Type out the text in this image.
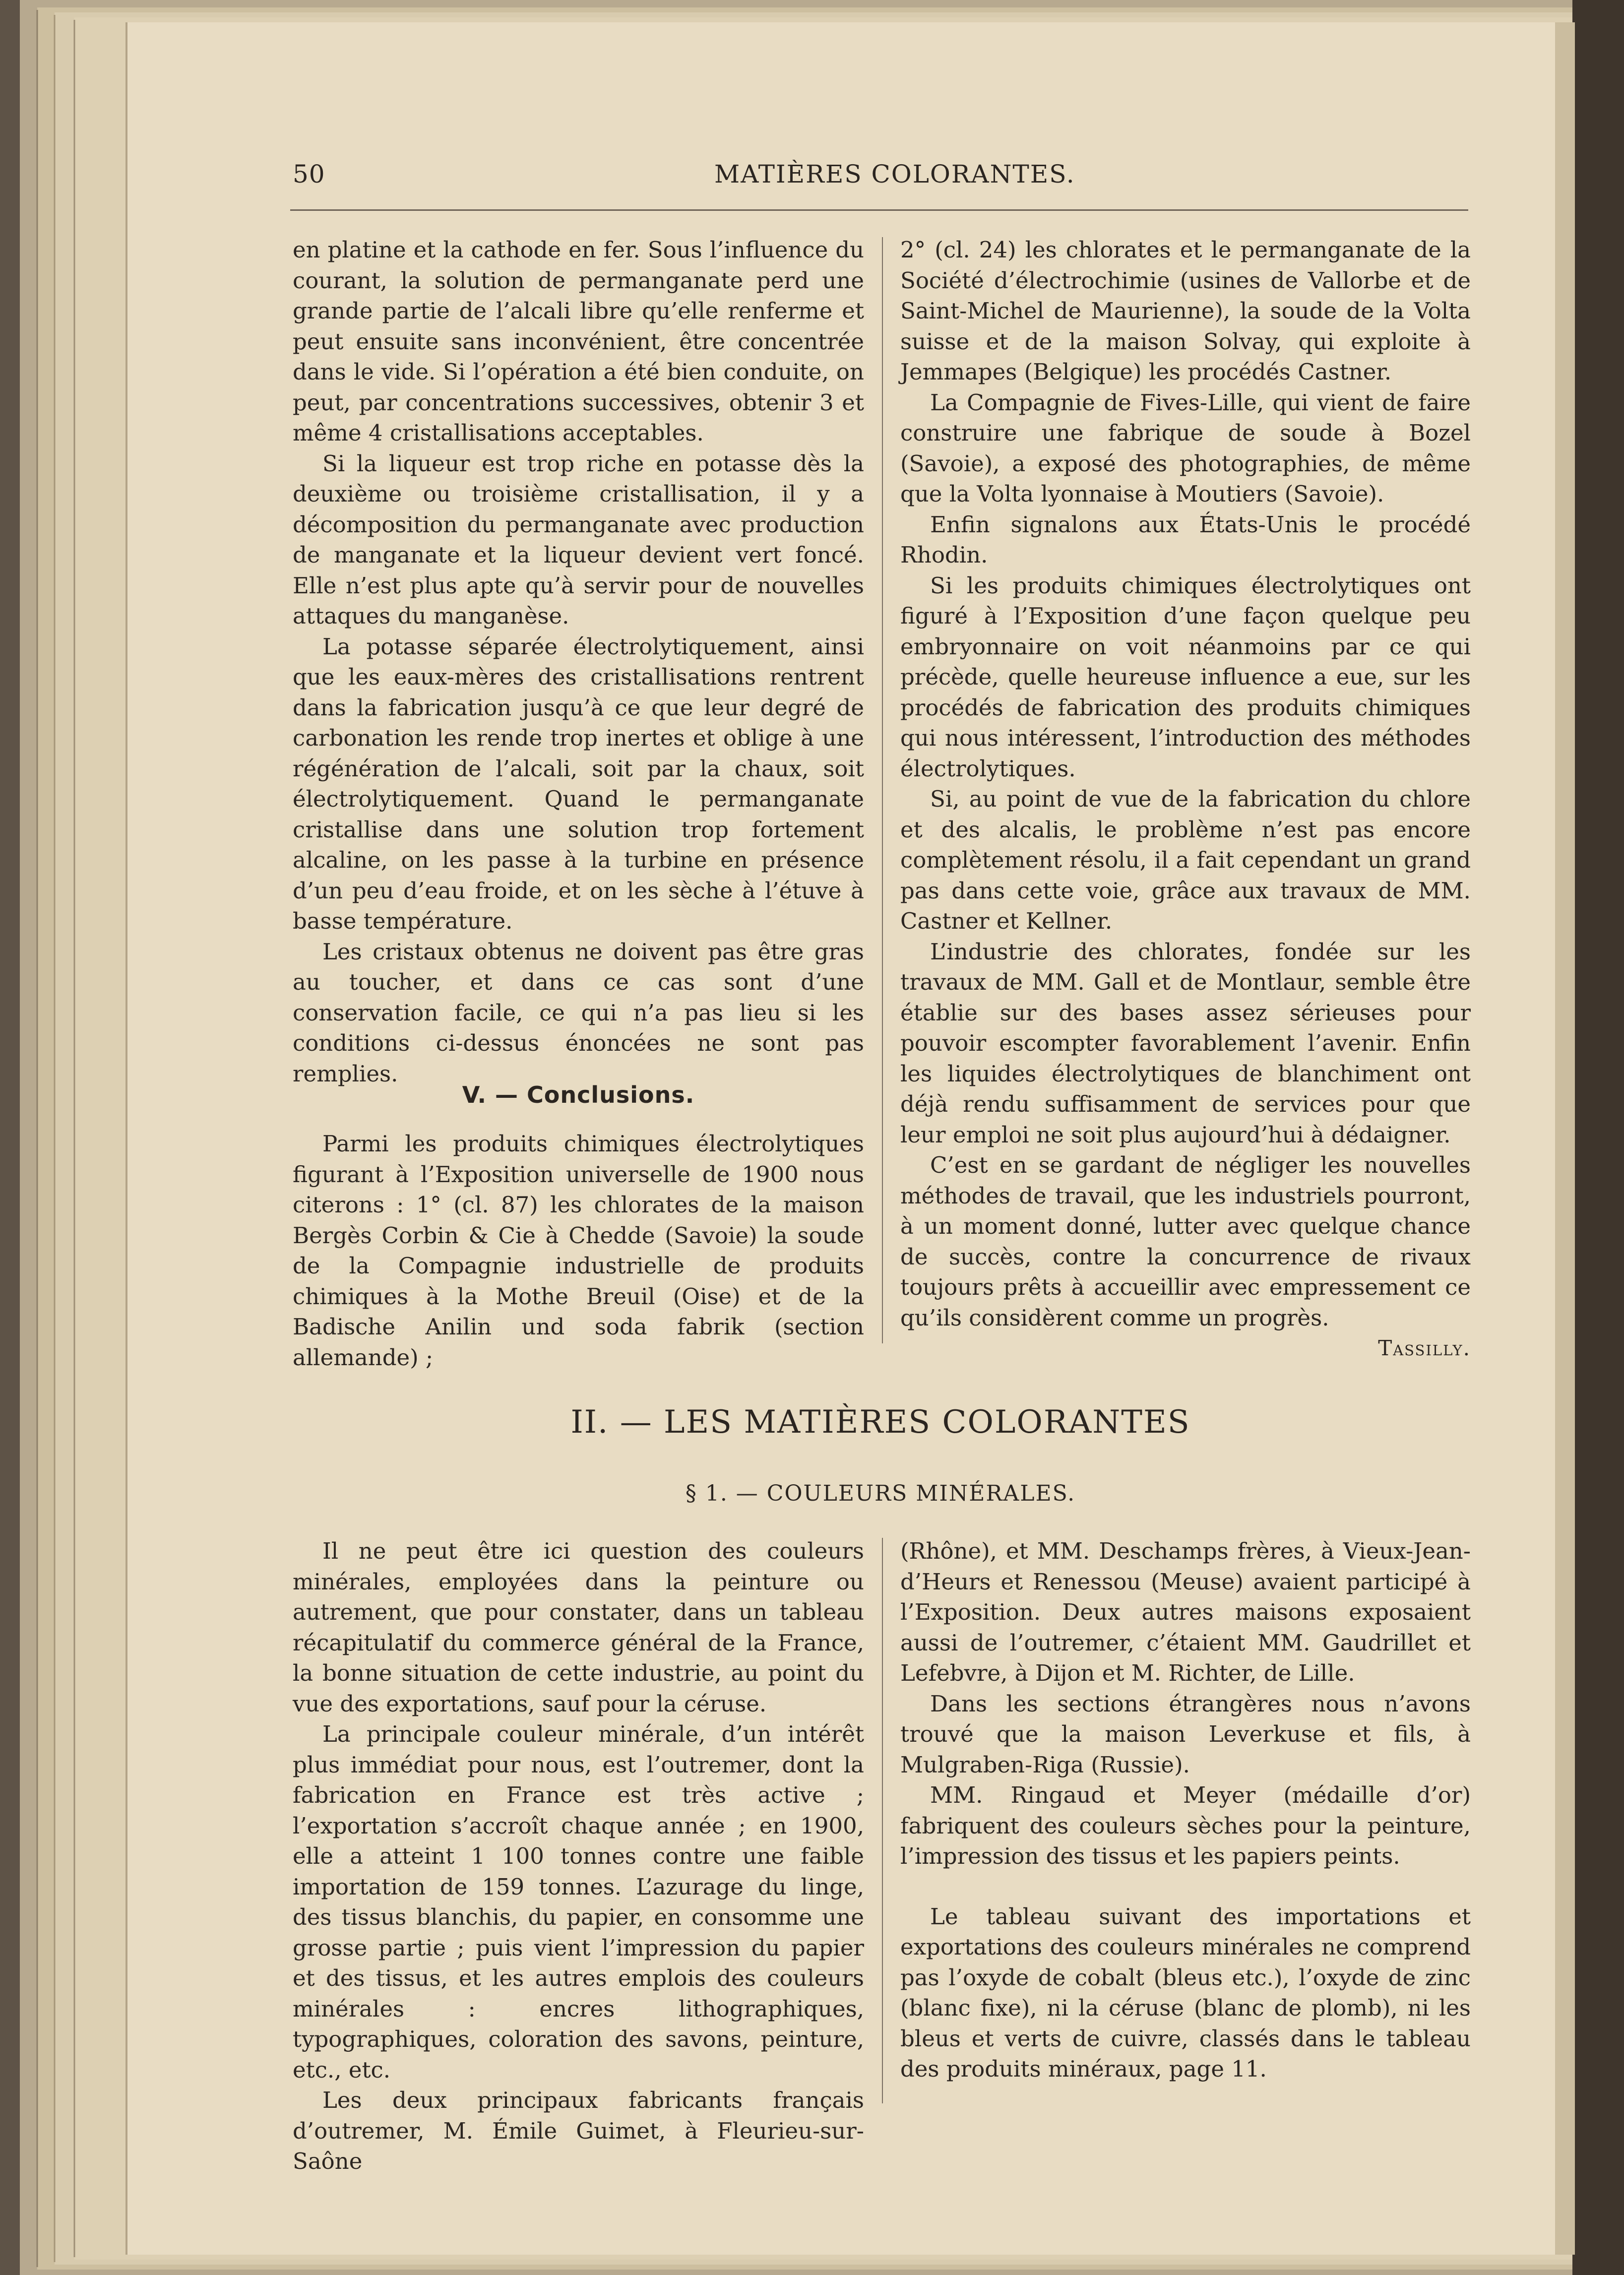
50	MATIÈRES COLORANTES.

en platine et la cathode en fer. Sous l’influence du courant, la solution de permanganate perd une grande partie de l’alcali libre qu’elle renferme et peut ensuite sans inconvénient, être concentrée dans le vide. Si l’opération a été bien conduite, on peut, par concentrations successives, obtenir 3 et même 4 cristallisations acceptables.

Si la liqueur est trop riche en potasse dès la deuxième ou troisième cristallisation, il y a décomposition du permanganate avec production de manganate et la liqueur devient vert foncé. Elle n’est plus apte qu’à servir pour de nouvelles attaques du manganèse.

La potasse séparée électrolytiquement, ainsi que les eaux-mères des cristallisations rentrent dans la fabrication jusqu’à ce que leur degré de carbonation les rende trop inertes et oblige à une régénération de l’alcali, soit par la chaux, soit électrolytiquement. Quand le permanganate cristallise dans une solution trop fortement alcaline, on les passe à la turbine en présence d’un peu d’eau froide, et on les sèche à l’étuve à basse température.

Les cristaux obtenus ne doivent pas être gras au toucher, et dans ce cas sont d’une conservation facile, ce qui n’a pas lieu si les conditions ci-dessus énoncées ne sont pas remplies.

V. — Conclusions.

Parmi les produits chimiques électrolytiques figurant à l’Exposition universelle de 1900 nous citerons : 1° (cl. 87) les chlorates de la maison Bergès Corbin & Cie à Chedde (Savoie) la soude de la Compagnie industrielle de produits chimiques à la Mothe Breuil (Oise) et de la Badische Anilin und soda fabrik (section allemande) ;

2° (cl. 24) les chlorates et le permanganate de la Société d’électrochimie (usines de Vallorbe et de Saint-Michel de Maurienne), la soude de la Volta suisse et de la maison Solvay, qui exploite à Jemmapes (Belgique) les procédés Castner.

La Compagnie de Fives-Lille, qui vient de faire construire une fabrique de soude à Bozel (Savoie), a exposé des photographies, de même que la Volta lyonnaise à Moutiers (Savoie).

Enfin signalons aux États-Unis le procédé Rhodin.

Si les produits chimiques électrolytiques ont figuré à l’Exposition d’une façon quelque peu embryonnaire on voit néanmoins par ce qui précède, quelle heureuse influence a eue, sur les procédés de fabrication des produits chimiques qui nous intéressent, l’introduction des méthodes électrolytiques.

Si, au point de vue de la fabrication du chlore et des alcalis, le problème n’est pas encore complètement résolu, il a fait cependant un grand pas dans cette voie, grâce aux travaux de MM. Castner et Kellner.

L’industrie des chlorates, fondée sur les travaux de MM. Gall et de Montlaur, semble être établie sur des bases assez sérieuses pour pouvoir escompter favorablement l’avenir. Enfin les liquides électrolytiques de blanchiment ont déjà rendu suffisamment de services pour que leur emploi ne soit plus aujourd’hui à dédaigner.

C’est en se gardant de négliger les nouvelles méthodes de travail, que les industriels pourront, à un moment donné, lutter avec quelque chance de succès, contre la concurrence de rivaux toujours prêts à accueillir avec empressement ce qu’ils considèrent comme un progrès.

Tassilly.
II. — LES MATIÈRES COLORANTES
§ 1. — COULEURS MINÉRALES.

Il ne peut être ici question des couleurs minérales, employées dans la peinture ou autrement, que pour constater, dans un tableau récapitulatif du commerce général de la France, la bonne situation de cette industrie, au point du vue des exportations, sauf pour la céruse.

La principale couleur minérale, d’un intérêt plus immédiat pour nous, est l’outremer, dont la fabrication en France est très active ; l’exportation s’accroît chaque année ; en 1900, elle a atteint 1 100 tonnes contre une faible importation de 159 tonnes. L’azurage du linge, des tissus blanchis, du papier, en consomme une grosse partie ; puis vient l’impression du papier et des tissus, et les autres emplois des couleurs minérales : encres lithographiques, typographiques, coloration des savons, peinture, etc., etc.

Les deux principaux fabricants français d’outremer, M. Émile Guimet, à Fleurieu-sur-Saône

(Rhône), et MM. Deschamps frères, à Vieux-Jean-d’Heurs et Renessou (Meuse) avaient participé à l’Exposition. Deux autres maisons exposaient aussi de l’outremer, c’étaient MM. Gaudrillet et Lefebvre, à Dijon et M. Richter, de Lille.

Dans les sections étrangères nous n’avons trouvé que la maison Leverkuse et fils, à Mulgraben-Riga (Russie).

MM. Ringaud et Meyer (médaille d’or) fabriquent des couleurs sèches pour la peinture, l’impression des tissus et les papiers peints.

Le tableau suivant des importations et exportations des couleurs minérales ne comprend pas l’oxyde de cobalt (bleus etc.), l’oxyde de zinc (blanc fixe), ni la céruse (blanc de plomb), ni les bleus et verts de cuivre, classés dans le tableau des produits minéraux, page 11.
